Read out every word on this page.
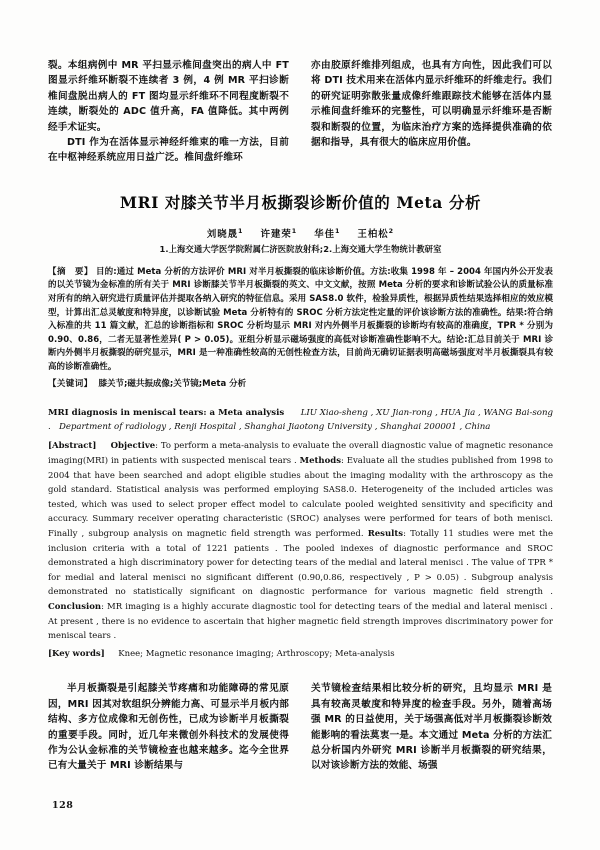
裂。本组病例中 MR 平扫显示椎间盘突出的病人中 FT 图显示纤维环断裂不连续者 3 例，4 例 MR 平扫诊断椎间盘脱出病人的 FT 图均显示纤维环不同程度断裂不连续，断裂处的 ADC 值升高，FA 值降低。其中两例经手术证实。

DTI 作为在活体显示神经纤维束的唯一方法，目前在中枢神经系统应用日益广泛。椎间盘纤维环

亦由胶原纤维排列组成，也具有方向性，因此我们可以将 DTI 技术用来在活体内显示纤维环的纤维走行。我们的研究证明弥散张量成像纤维跟踪技术能够在活体内显示椎间盘纤维环的完整性，可以明确显示纤维环是否断裂和断裂的位置，为临床治疗方案的选择提供准确的依据和指导，具有很大的临床应用价值。

MRI 对膝关节半月板撕裂诊断价值的 Meta 分析
刘晓晟$^1$ 许建荣$^1$ 华佳$^1$ 王柏松$^2$
1.上海交通大学医学院附属仁济医院放射科;2.上海交通大学生物统计教研室
【摘　要】 目的:通过 Meta 分析的方法评价 MRI 对半月板撕裂的临床诊断价值。方法:收集 1998 年 – 2004 年国内外公开发表的以关节镜为金标准的所有关于 MRI 诊断膝关节半月板撕裂的英文、中文文献，按照 Meta 分析的要求和诊断试验公认的质量标准对所有的纳入研究进行质量评估并提取各纳入研究的特征信息。采用 SAS8.0 软件，检验异质性，根据异质性结果选择相应的效应模型，计算出汇总灵敏度和特异度，以诊断试验 Meta 分析特有的 SROC 分析方法定性定量的评价该诊断方法的准确性。结果:符合纳入标准的共 11 篇文献，汇总的诊断指标和 SROC 分析均显示 MRI 对内外侧半月板撕裂的诊断均有较高的准确度，TPR * 分别为 0.90、0.86，二者无显著性差异( P > 0.05)。亚组分析显示磁场强度的高低对诊断准确性影响不大。结论:汇总目前关于 MRI 诊断内外侧半月板撕裂的研究显示，MRI 是一种准确性较高的无创性检查方法，目前尚无确切证据表明高磁场强度对半月板撕裂具有较高的诊断准确性。
【关键词】 膝关节;磁共振成像;关节镜;Meta 分析
MRI diagnosis in meniscal tears: a Meta analysis LIU Xiao-sheng , XU Jian-rong , HUA Jia , WANG Bai-song . Department of radiology , Renji Hospital , Shanghai Jiaotong University , Shanghai 200001 , China
[Abstract] Objective: To perform a meta-analysis to evaluate the overall diagnostic value of magnetic resonance imaging(MRI) in patients with suspected meniscal tears . Methods: Evaluate all the studies published from 1998 to 2004 that have been searched and adopt eligible studies about the imaging modality with the arthroscopy as the gold standard. Statistical analysis was performed employing SAS8.0. Heterogeneity of the included articles was tested, which was used to select proper effect model to calculate pooled weighted sensitivity and specificity and accuracy. Summary receiver operating characteristic (SROC) analyses were performed for tears of both menisci. Finally , subgroup analysis on magnetic field strength was performed. Results: Totally 11 studies were met the inclusion criteria with a total of 1221 patients . The pooled indexes of diagnostic performance and SROC demonstrated a high discriminatory power for detecting tears of the medial and lateral menisci . The value of TPR * for medial and lateral menisci no significant different (0.90,0.86, respectively , P > 0.05) . Subgroup analysis demonstrated no statistically significant on diagnostic performance for various magnetic field strength . Conclusion: MR imaging is a highly accurate diagnostic tool for detecting tears of the medial and lateral menisci . At present , there is no evidence to ascertain that higher magnetic field strength improves discriminatory power for meniscal tears .
[Key words] Knee; Magnetic resonance imaging; Arthroscopy; Meta-analysis

半月板撕裂是引起膝关节疼痛和功能障碍的常见原因，MRI 因其对软组织分辨能力高、可显示半月板内部结构、多方位成像和无创伤性，已成为诊断半月板撕裂的重要手段。同时，近几年来微创外科技术的发展使得作为公认金标准的关节镜检查也越来越多。迄今全世界已有大量关于 MRI 诊断结果与

关节镜检查结果相比较分析的研究，且均显示 MRI 是具有较高灵敏度和特异度的检查手段。另外，随着高场强 MR 的日益使用，关于场强高低对半月板撕裂诊断效能影响的看法莫衷一是。本文通过 Meta 分析的方法汇总分析国内外研究 MRI 诊断半月板撕裂的研究结果，以对该诊断方法的效能、场强

128
